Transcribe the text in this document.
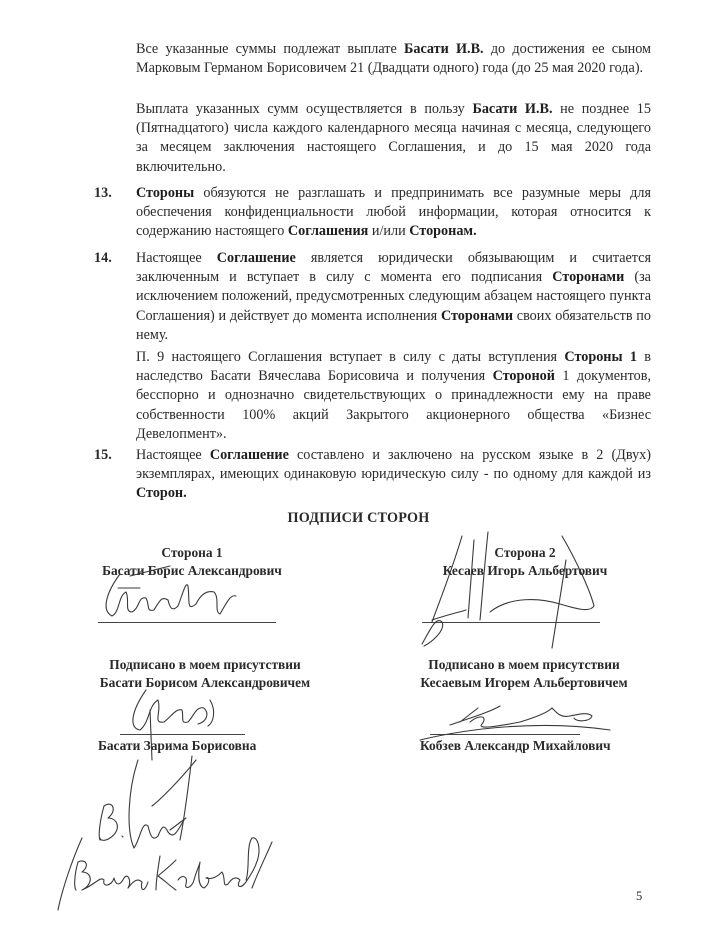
Все указанные суммы подлежат выплате Басати И.В. до достижения ее сыном Марковым Германом Борисовичем 21 (Двадцати одного) года (до 25 мая 2020 года).
Выплата указанных сумм осуществляется в пользу Басати И.В. не позднее 15 (Пятнадцатого) числа каждого календарного месяца начиная с месяца, следующего за месяцем заключения настоящего Соглашения, и до 15 мая 2020 года включительно.
13. Стороны обязуются не разглашать и предпринимать все разумные меры для обеспечения конфиденциальности любой информации, которая относится к содержанию настоящего Соглашения и/или Сторонам.
14. Настоящее Соглашение является юридически обязывающим и считается заключенным и вступает в силу с момента его подписания Сторонами (за исключением положений, предусмотренных следующим абзацем настоящего пункта Соглашения) и действует до момента исполнения Сторонами своих обязательств по нему.
П. 9 настоящего Соглашения вступает в силу с даты вступления Стороны 1 в наследство Басати Вячеслава Борисовича и получения Стороной 1 документов, бесспорно и однозначно свидетельствующих о принадлежности ему на праве собственности 100% акций Закрытого акционерного общества «Бизнес Девелопмент».
15. Настоящее Соглашение составлено и заключено на русском языке в 2 (Двух) экземплярах, имеющих одинаковую юридическую силу - по одному для каждой из Сторон.
ПОДПИСИ СТОРОН
Сторона 1
Басати Борис Александрович
Сторона 2
Кесаев Игорь Альбертович
Подписано в моем присутствии
Басати Борисом Александровичем
Басати Зарима Борисовна
Подписано в моем присутствии
Кесаевым Игорем Альбертовичем
Кобзев Александр Михайлович
5
